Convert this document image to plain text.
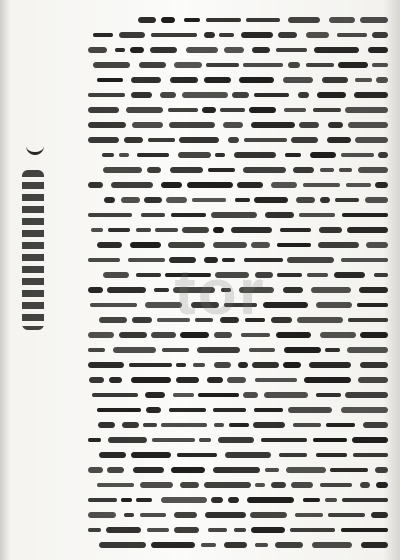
tor
